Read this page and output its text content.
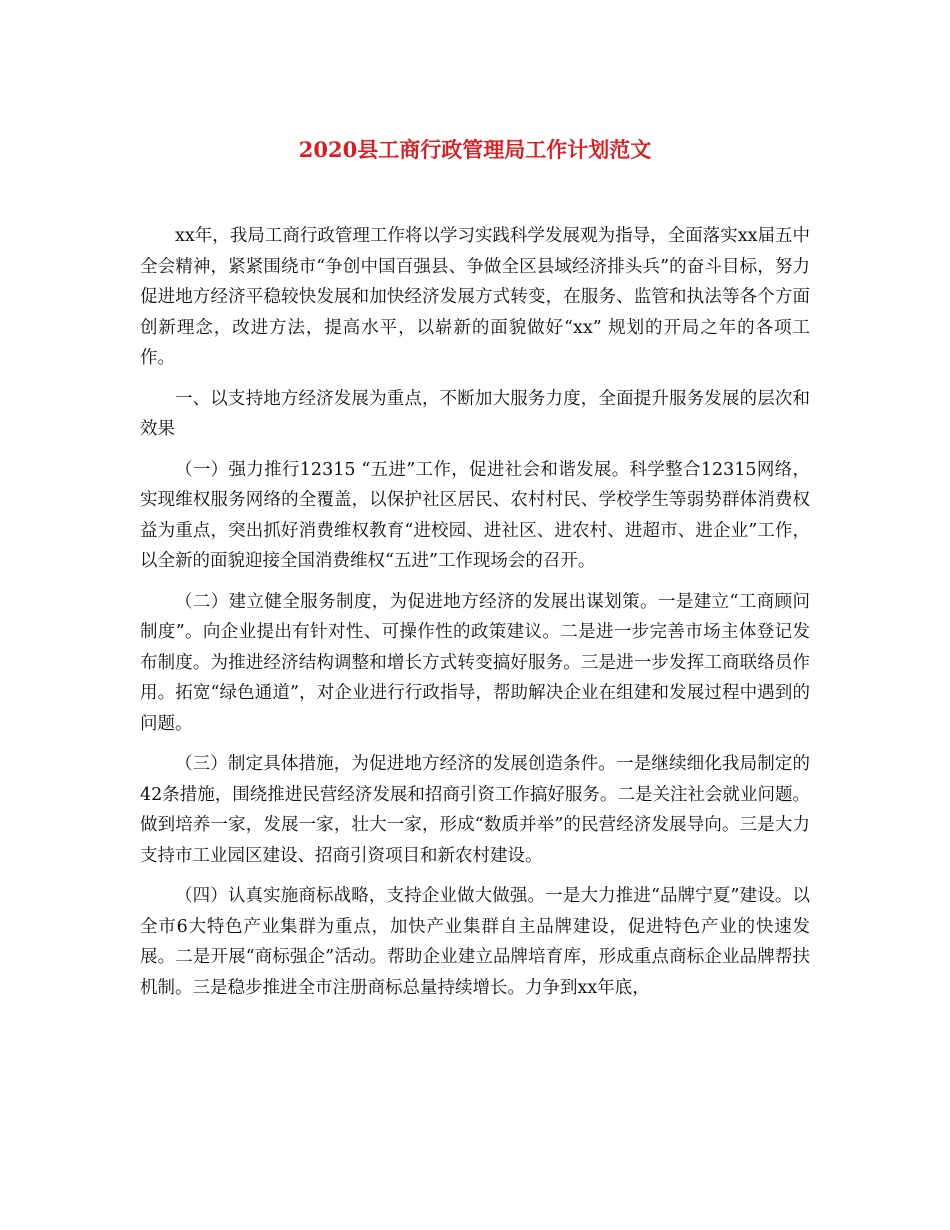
2020县工商行政管理局工作计划范文

xx年，我局工商行政管理工作将以学习实践科学发展观为指导，全面落实xx届五中全会精神，紧紧围绕市“争创中国百强县、争做全区县域经济排头兵”的奋斗目标，努力促进地方经济平稳较快发展和加快经济发展方式转变，在服务、监管和执法等各个方面创新理念，改进方法，提高水平，以崭新的面貌做好“xx” 规划的开局之年的各项工作。

一、以支持地方经济发展为重点，不断加大服务力度，全面提升服务发展的层次和效果

（一）强力推行12315 “五进”工作，促进社会和谐发展。科学整合12315网络，实现维权服务网络的全覆盖，以保护社区居民、农村村民、学校学生等弱势群体消费权益为重点，突出抓好消费维权教育“进校园、进社区、进农村、进超市、进企业”工作，以全新的面貌迎接全国消费维权“五进”工作现场会的召开。

（二）建立健全服务制度，为促进地方经济的发展出谋划策。一是建立“工商顾问制度”。向企业提出有针对性、可操作性的政策建议。二是进一步完善市场主体登记发布制度。为推进经济结构调整和增长方式转变搞好服务。三是进一步发挥工商联络员作用。拓宽“绿色通道”，对企业进行行政指导，帮助解决企业在组建和发展过程中遇到的问题。

（三）制定具体措施，为促进地方经济的发展创造条件。一是继续细化我局制定的42条措施，围绕推进民营经济发展和招商引资工作搞好服务。二是关注社会就业问题。做到培养一家，发展一家，壮大一家，形成“数质并举”的民营经济发展导向。三是大力支持市工业园区建设、招商引资项目和新农村建设。

（四）认真实施商标战略，支持企业做大做强。一是大力推进“品牌宁夏”建设。以全市6大特色产业集群为重点，加快产业集群自主品牌建设，促进特色产业的快速发展。二是开展“商标强企”活动。帮助企业建立品牌培育库，形成重点商标企业品牌帮扶机制。三是稳步推进全市注册商标总量持续增长。力争到xx年底，
